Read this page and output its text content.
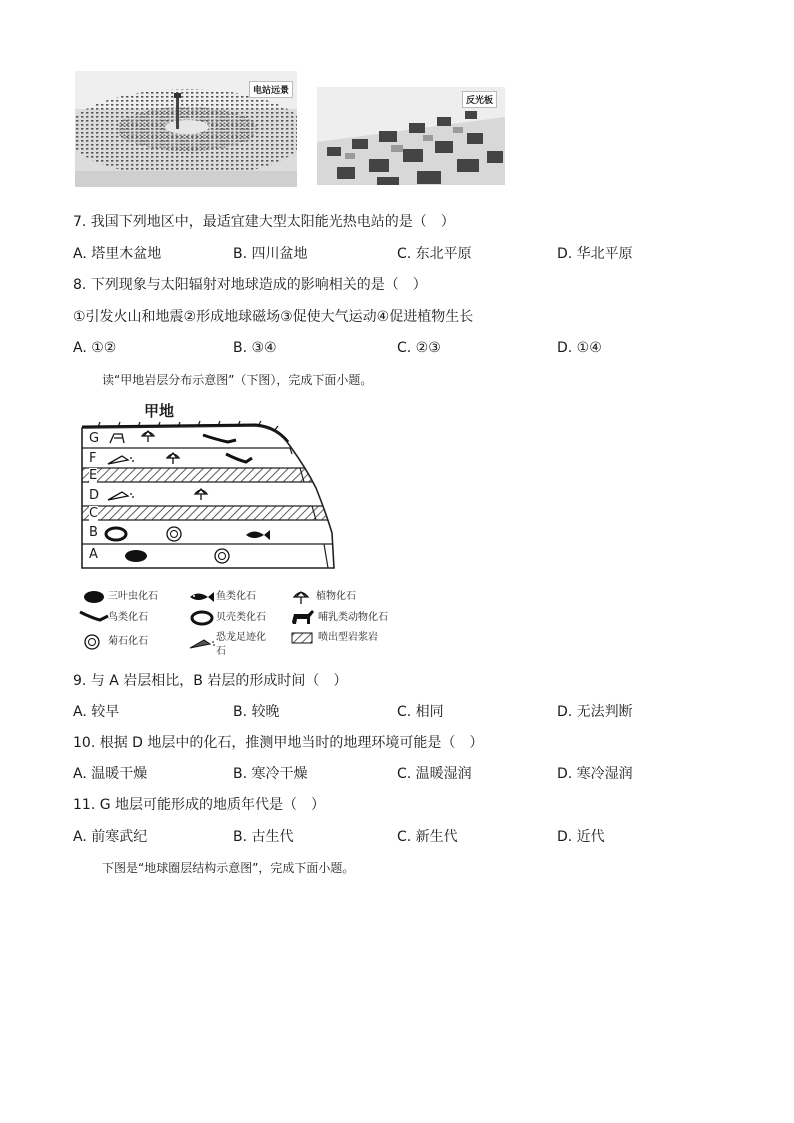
电站远景
反光板
7. 我国下列地区中，最适宜建大型太阳能光热电站的是（　）
A. 塔里木盆地	B. 四川盆地	C. 东北平原	D. 华北平原
8. 下列现象与太阳辐射对地球造成的影响相关的是（　）
①引发火山和地震②形成地球磁场③促使大气运动④促进植物生长
A. ①②	B. ③④	C. ②③	D. ①④
读“甲地岩层分布示意图”（下图），完成下面小题。
甲地
G
F
E
D
C
B
A
三叶虫化石	鱼类化石	植物化石
鸟类化石	贝壳类化石	哺乳类动物化石
菊石化石	恐龙足迹化
石
喷出型岩浆岩
9. 与 A 岩层相比，B 岩层的形成时间（　）
A. 较早	B. 较晚	C. 相同	D. 无法判断
10. 根据 D 地层中的化石，推测甲地当时的地理环境可能是（　）
A. 温暖干燥	B. 寒冷干燥	C. 温暖湿润	D. 寒冷湿润
11. G 地层可能形成的地质年代是（　）
A. 前寒武纪	B. 古生代	C. 新生代	D. 近代
下图是“地球圈层结构示意图”，完成下面小题。
